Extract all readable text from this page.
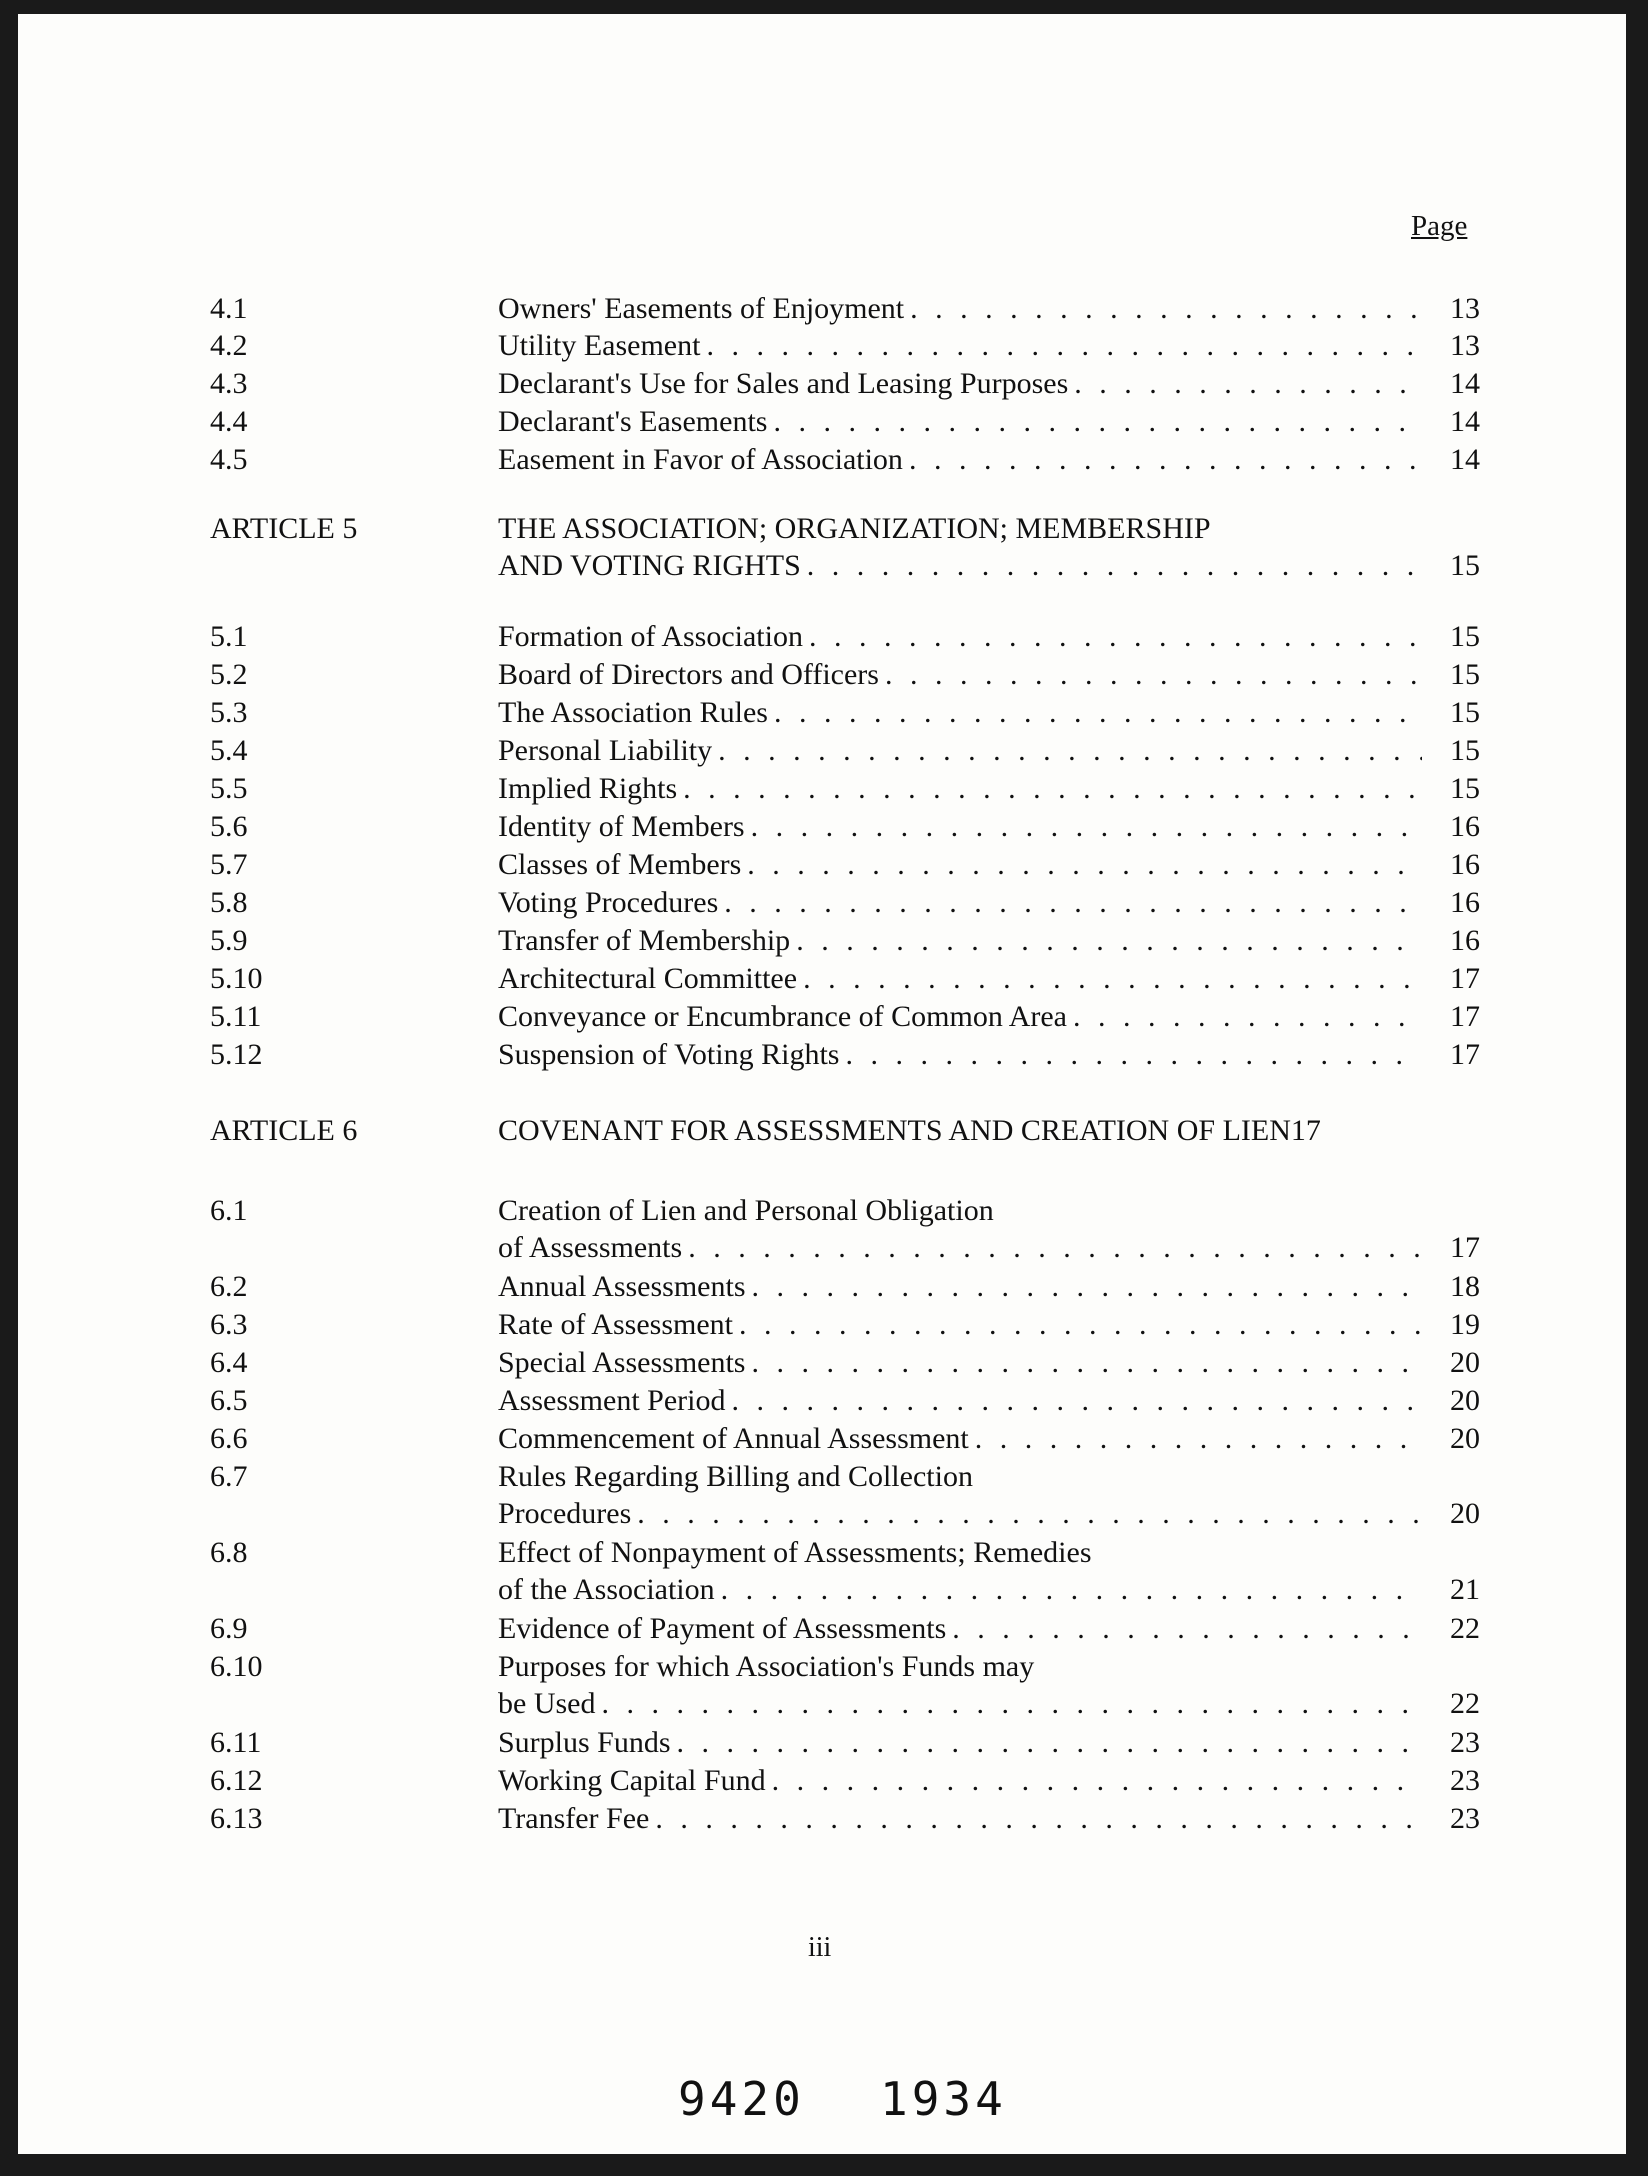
Page
4.1	Owners' Easements of Enjoyment . . .	13
4.2	Utility Easement . . .	13
4.3	Declarant's Use for Sales and Leasing Purposes . . .	14
4.4	Declarant's Easements . . .	14
4.5	Easement in Favor of Association . . .	14
ARTICLE 5	THE ASSOCIATION; ORGANIZATION; MEMBERSHIP
AND VOTING RIGHTS . . .	15
5.1	Formation of Association . . .	15
5.2	Board of Directors and Officers . . .	15
5.3	The Association Rules . . .	15
5.4	Personal Liability . . .	15
5.5	Implied Rights . . .	15
5.6	Identity of Members . . .	16
5.7	Classes of Members . . .	16
5.8	Voting Procedures . . .	16
5.9	Transfer of Membership . . .	16
5.10	Architectural Committee . . .	17
5.11	Conveyance or Encumbrance of Common Area . . .	17
5.12	Suspension of Voting Rights . . .	17
ARTICLE 6	COVENANT FOR ASSESSMENTS AND CREATION OF LIEN17
6.1	Creation of Lien and Personal Obligation
of Assessments . . .	17
6.2	Annual Assessments . . .	18
6.3	Rate of Assessment . . .	19
6.4	Special Assessments . . .	20
6.5	Assessment Period . . .	20
6.6	Commencement of Annual Assessment . . .	20
6.7	Rules Regarding Billing and Collection
Procedures . . .	20
6.8	Effect of Nonpayment of Assessments; Remedies
of the Association . . .	21
6.9	Evidence of Payment of Assessments . . .	22
6.10	Purposes for which Association's Funds may
be Used . . .	22
6.11	Surplus Funds . . .	23
6.12	Working Capital Fund . . .	23
6.13	Transfer Fee . . .	23
iii
9420 1934
